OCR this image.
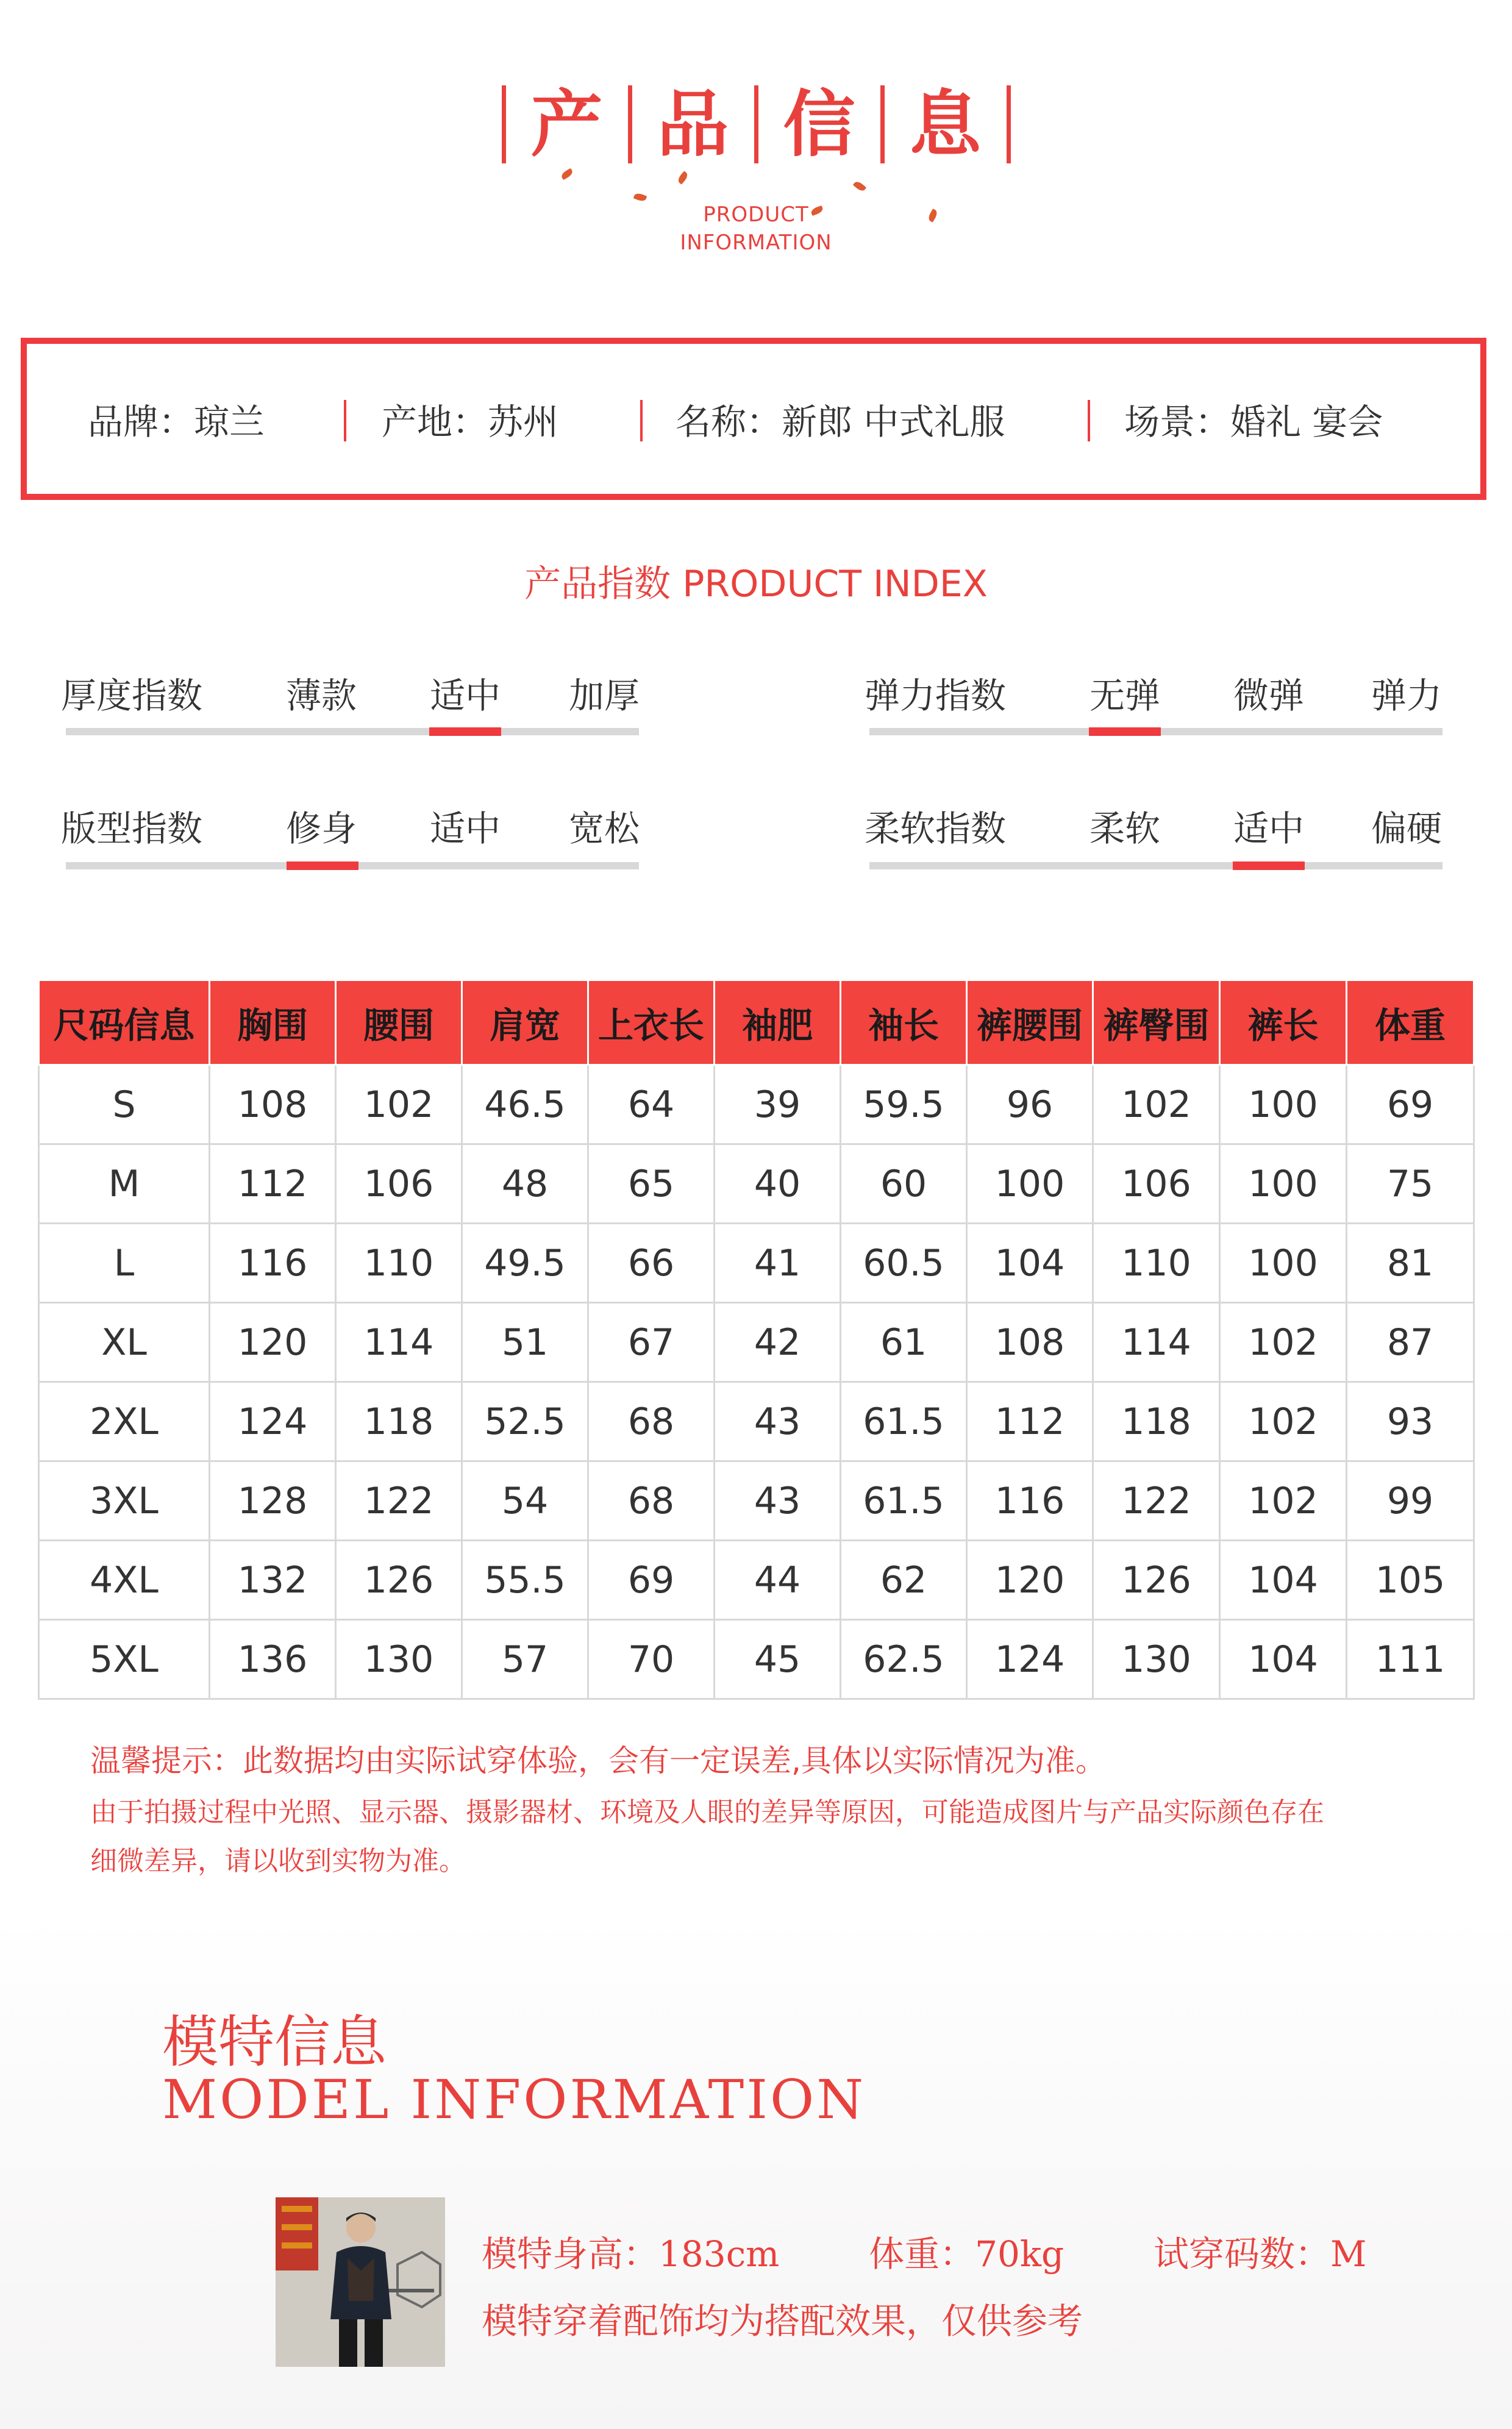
产 品 信 息
PRODUCT
INFORMATION
品牌：琼兰	产地：苏州	名称：新郎 中式礼服	场景：婚礼 宴会
产品指数 PRODUCT INDEX
厚度指数 薄款 适中 加厚	弹力指数 无弹 微弹 弹力
版型指数 修身 适中 宽松	柔软指数 柔软 适中 偏硬
尺码信息	胸围	腰围	肩宽	上衣长	袖肥	袖长	裤腰围	裤臀围	裤长	体重
S	108	102	46.5	64	39	59.5	96	102	100	69
M	112	106	48	65	40	60	100	106	100	75
L	116	110	49.5	66	41	60.5	104	110	100	81
XL	120	114	51	67	42	61	108	114	102	87
2XL	124	118	52.5	68	43	61.5	112	118	102	93
3XL	128	122	54	68	43	61.5	116	122	102	99
4XL	132	126	55.5	69	44	62	120	126	104	105
5XL	136	130	57	70	45	62.5	124	130	104	111
温馨提示：此数据均由实际试穿体验，会有一定误差,具体以实际情况为准。
由于拍摄过程中光照、显示器、摄影器材、环境及人眼的差异等原因，可能造成图片与产品实际颜色存在
细微差异，请以收到实物为准。
模特信息
MODEL INFORMATION
模特身高：183cm	体重：70kg	试穿码数：M
模特穿着配饰均为搭配效果，仅供参考
